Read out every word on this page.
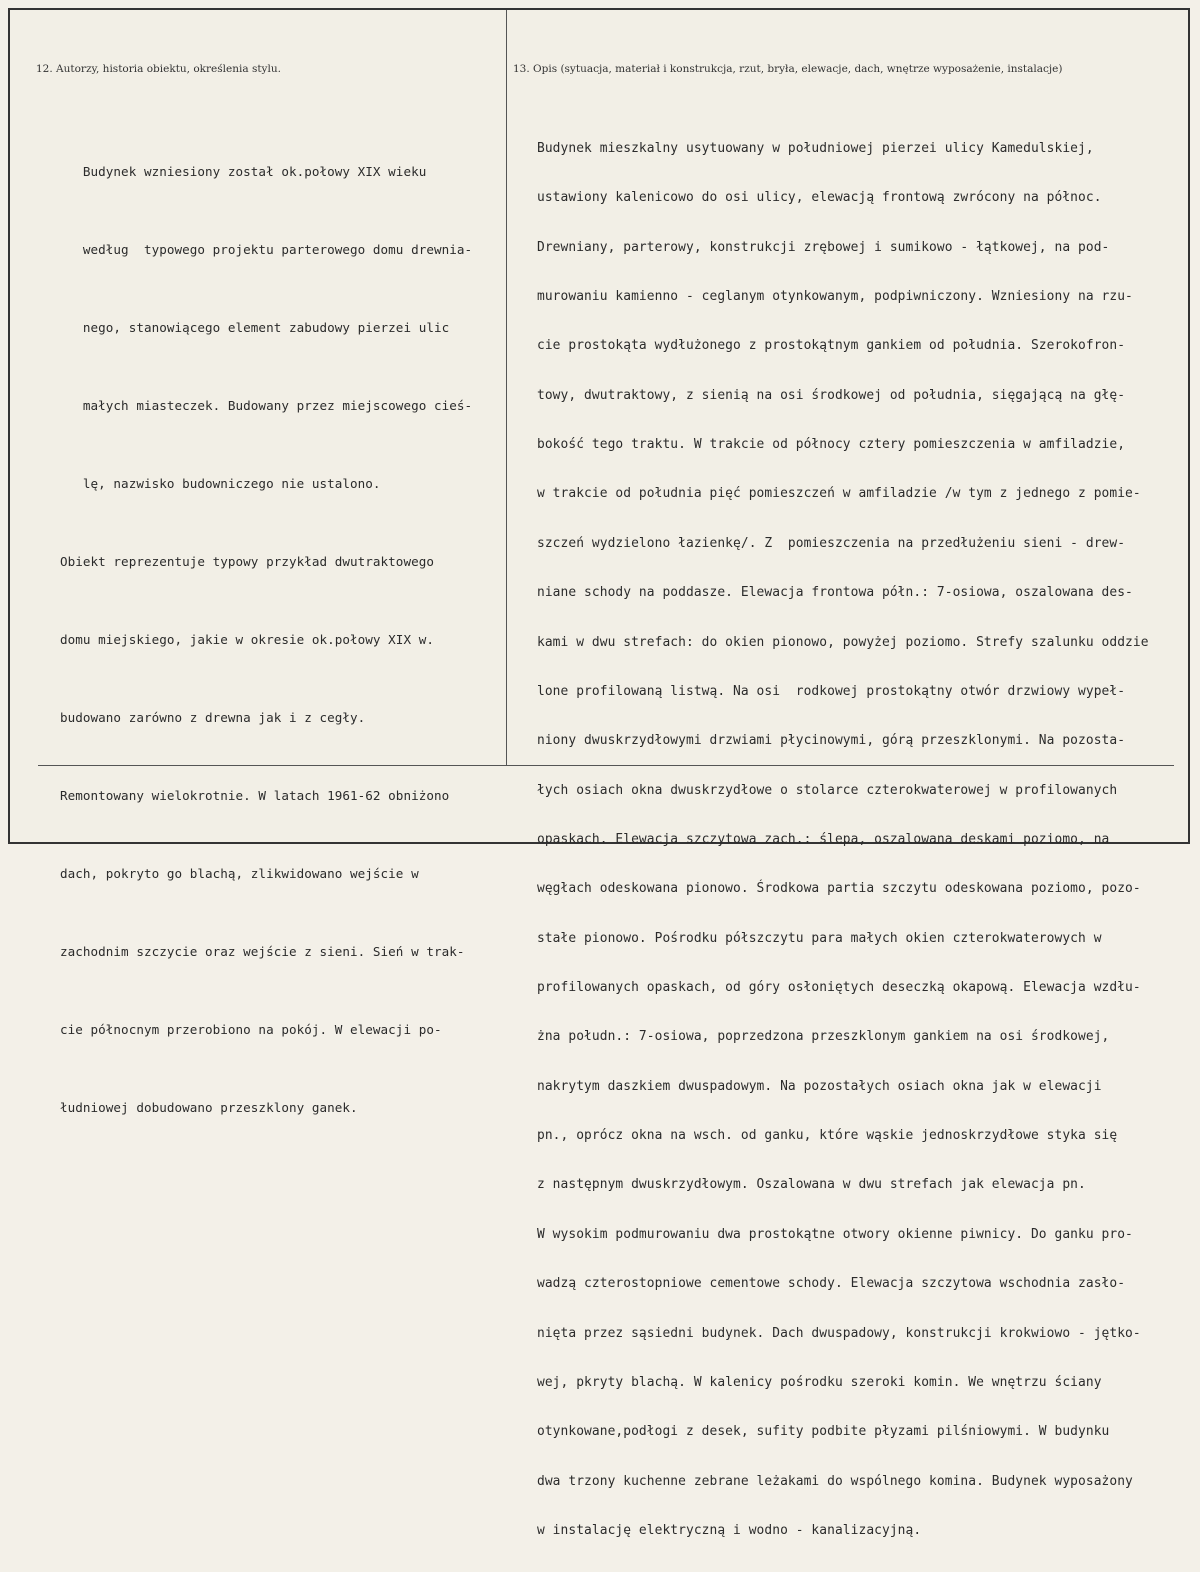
12. Autorzy, historia obiektu, określenia stylu.	13. Opis (sytuacja, materiał i konstrukcja, rzut, bryła, elewacje, dach, wnętrze wyposażenie, instalacje)

Budynek wzniesiony został ok.połowy XIX wieku

według  typowego projektu parterowego domu drewnia-

nego, stanowiącego element zabudowy pierzei ulic

małych miasteczek. Budowany przez miejscowego cieś-

lę, nazwisko budowniczego nie ustalono.

Obiekt reprezentuje typowy przykład dwutraktowego

domu miejskiego, jakie w okresie ok.połowy XIX w.

budowano zarówno z drewna jak i z cegły.

Remontowany wielokrotnie. W latach 1961-62 obniżono

dach, pokryto go blachą, zlikwidowano wejście w

zachodnim szczycie oraz wejście z sieni. Sień w trak-

cie północnym przerobiono na pokój. W elewacji po-

łudniowej dobudowano przeszklony ganek.

Budynek mieszkalny usytuowany w południowej pierzei ulicy Kamedulskiej,

ustawiony kalenicowo do osi ulicy, elewacją frontową zwrócony na północ.

Drewniany, parterowy, konstrukcji zrębowej i sumikowo - łątkowej, na pod-

murowaniu kamienno - ceglanym otynkowanym, podpiwniczony. Wzniesiony na rzu-

cie prostokąta wydłużonego z prostokątnym gankiem od południa. Szerokofron-

towy, dwutraktowy, z sienią na osi środkowej od południa, sięgającą na głę-

bokość tego traktu. W trakcie od północy cztery pomieszczenia w amfiladzie,

w trakcie od południa pięć pomieszczeń w amfiladzie /w tym z jednego z pomie-

szczeń wydzielono łazienkę/. Z  pomieszczenia na przedłużeniu sieni - drew-

niane schody na poddasze. Elewacja frontowa półn.: 7-osiowa, oszalowana des-

kami w dwu strefach: do okien pionowo, powyżej poziomo. Strefy szalunku oddzie

lone profilowaną listwą. Na osi  rodkowej prostokątny otwór drzwiowy wypeł-

niony dwuskrzydłowymi drzwiami płycinowymi, górą przeszklonymi. Na pozosta-

łych osiach okna dwuskrzydłowe o stolarce czterokwaterowej w profilowanych

opaskach. Elewacja szczytowa zach.: ślepa, oszalowana deskami poziomo, na

węgłach odeskowana pionowo. Środkowa partia szczytu odeskowana poziomo, pozo-

stałe pionowo. Pośrodku półszczytu para małych okien czterokwaterowych w

profilowanych opaskach, od góry osłoniętych deseczką okapową. Elewacja wzdłu-

żna połudn.: 7-osiowa, poprzedzona przeszklonym gankiem na osi środkowej,

nakrytym daszkiem dwuspadowym. Na pozostałych osiach okna jak w elewacji

pn., oprócz okna na wsch. od ganku, które wąskie jednoskrzydłowe styka się

z następnym dwuskrzydłowym. Oszalowana w dwu strefach jak elewacja pn.

W wysokim podmurowaniu dwa prostokątne otwory okienne piwnicy. Do ganku pro-

wadzą czterostopniowe cementowe schody. Elewacja szczytowa wschodnia zasło-

nięta przez sąsiedni budynek. Dach dwuspadowy, konstrukcji krokwiowo - jętko-

wej, pkryty blachą. W kalenicy pośrodku szeroki komin. We wnętrzu ściany

otynkowane,podłogi z desek, sufity podbite płyzami pilśniowymi. W budynku

dwa trzony kuchenne zebrane leżakami do wspólnego komina. Budynek wyposażony

w instalację elektryczną i wodno - kanalizacyjną.
